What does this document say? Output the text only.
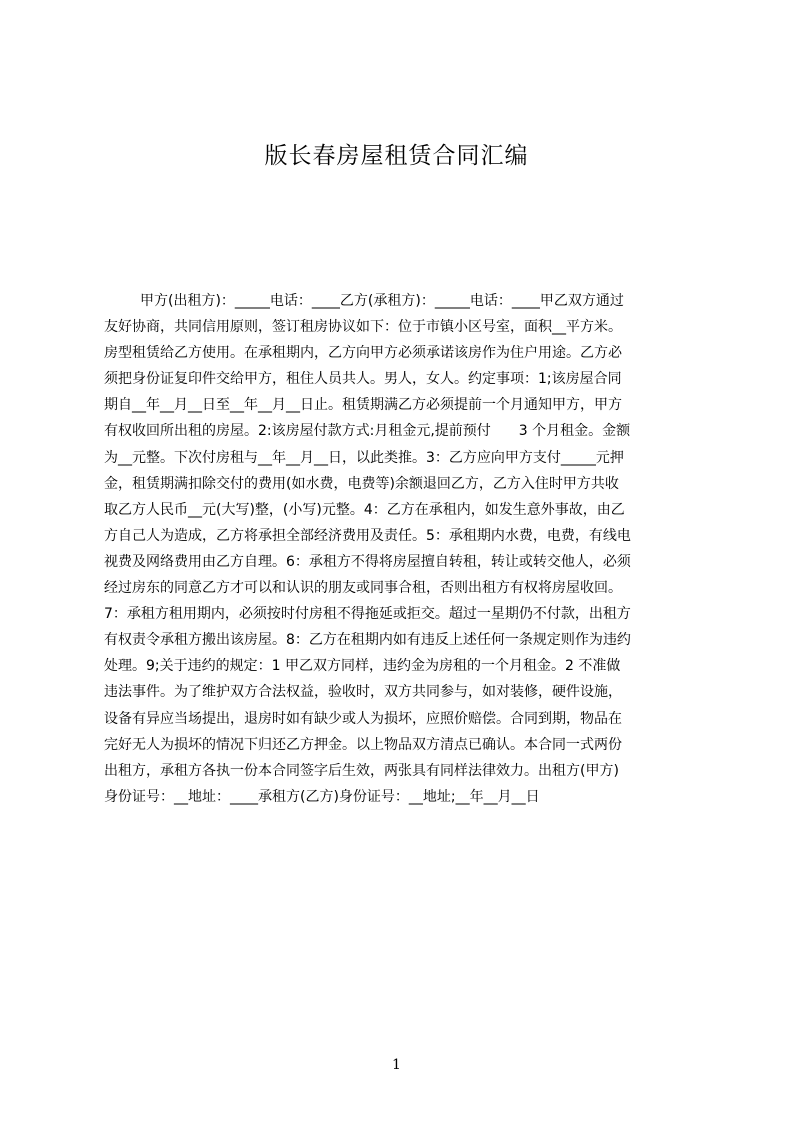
版长春房屋租赁合同汇编
甲方(出租方)：_____电话：____乙方(承租方)：_____电话：____甲乙双方通过
友好协商，共同信用原则，签订租房协议如下：位于市镇小区号室，面积__平方米。
房型租赁给乙方使用。在承租期内，乙方向甲方必须承诺该房作为住户用途。乙方必
须把身份证复印件交给甲方，租住人员共人。男人，女人。约定事项：1;该房屋合同
期自__年__月__日至__年__月__日止。租赁期满乙方必须提前一个月通知甲方，甲方
有权收回所出租的房屋。2:该房屋付款方式:月租金元,提前预付　　3 个月租金。金额
为__元整。下次付房租与__年__月__日，以此类推。3：乙方应向甲方支付_____元押
金，租赁期满扣除交付的费用(如水费，电费等)余额退回乙方，乙方入住时甲方共收
取乙方人民币__元(大写)整，(小写)元整。4：乙方在承租内，如发生意外事故，由乙
方自己人为造成，乙方将承担全部经济费用及责任。5：承租期内水费，电费，有线电
视费及网络费用由乙方自理。6：承租方不得将房屋擅自转租，转让或转交他人，必须
经过房东的同意乙方才可以和认识的朋友或同事合租，否则出租方有权将房屋收回。
7：承租方租用期内，必须按时付房租不得拖延或拒交。超过一星期仍不付款，出租方
有权责令承租方搬出该房屋。8：乙方在租期内如有违反上述任何一条规定则作为违约
处理。9;关于违约的规定：1 甲乙双方同样，违约金为房租的一个月租金。2 不准做
违法事件。为了维护双方合法权益，验收时，双方共同参与，如对装修，硬件设施，
设备有异应当场提出，退房时如有缺少或人为损坏，应照价赔偿。合同到期，物品在
完好无人为损坏的情况下归还乙方押金。以上物品双方清点已确认。本合同一式两份
出租方，承租方各执一份本合同签字后生效，两张具有同样法律效力。出租方(甲方)
身份证号：__地址：____承租方(乙方)身份证号：__地址;__年__月__日
1
